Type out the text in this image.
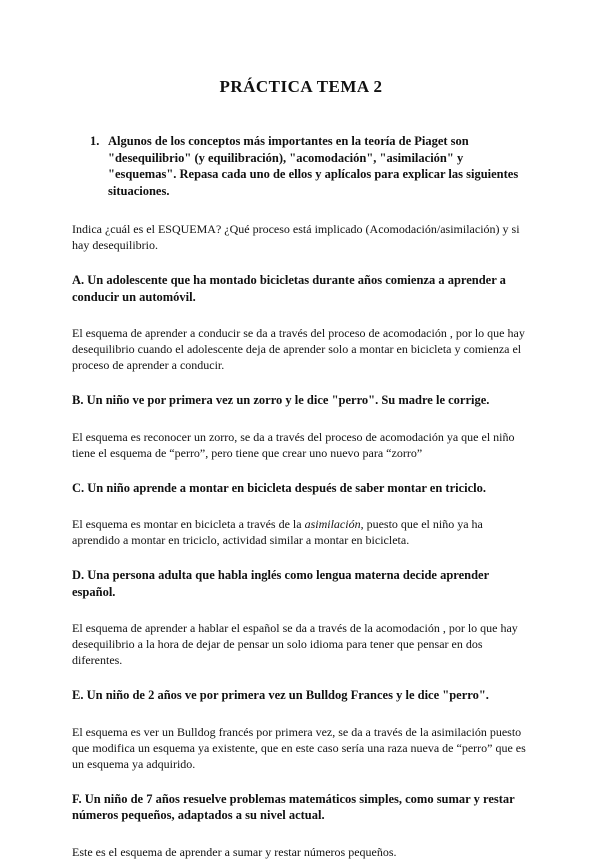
PRÁCTICA TEMA 2
1. Algunos de los conceptos más importantes en la teoría de Piaget son "desequilibrio" (y equilibración), "acomodación", "asimilación" y "esquemas". Repasa cada uno de ellos y aplícalos para explicar las siguientes situaciones.

Indica ¿cuál es el ESQUEMA? ¿Qué proceso está implicado (Acomodación/asimilación) y si hay desequilibrio.

A. Un adolescente que ha montado bicicletas durante años comienza a aprender a conducir un automóvil.

El esquema de aprender a conducir se da a través del proceso de acomodación , por lo que hay desequilibrio cuando el adolescente deja de aprender solo a montar en bicicleta y comienza el proceso de aprender a conducir.

B. Un niño ve por primera vez un zorro y le dice "perro". Su madre le corrige.

El esquema es reconocer un zorro, se da a través del proceso de acomodación ya que el niño tiene el esquema de “perro”, pero tiene que crear uno nuevo para “zorro”

C. Un niño aprende a montar en bicicleta después de saber montar en triciclo.

El esquema es montar en bicicleta a través de la asimilación, puesto que el niño ya ha aprendido a montar en triciclo, actividad similar a montar en bicicleta.

D. Una persona adulta que habla inglés como lengua materna decide aprender español.

El esquema de aprender a hablar el español se da a través de la acomodación , por lo que hay desequilibrio a la hora de dejar de pensar un solo idioma para tener que pensar en dos diferentes.

E. Un niño de 2 años ve por primera vez un Bulldog Frances y le dice "perro".

El esquema es ver un Bulldog francés por primera vez, se da a través de la asimilación puesto que modifica un esquema ya existente, que en este caso sería una raza nueva de “perro” que es un esquema ya adquirido.

F. Un niño de 7 años resuelve problemas matemáticos simples, como sumar y restar números pequeños, adaptados a su nivel actual.

Este es el esquema de aprender a sumar y restar números pequeños.
